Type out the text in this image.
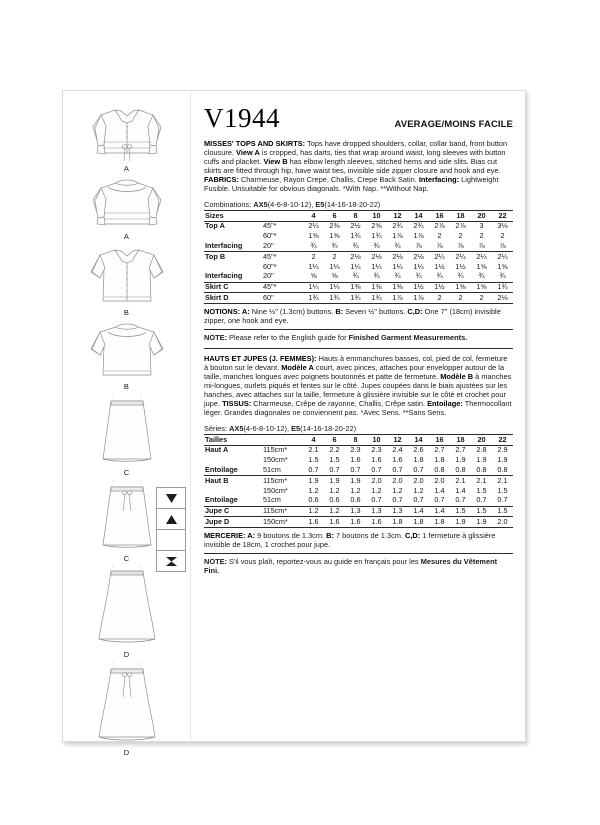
A
A
B
B
C
C
D
D
V1944	AVERAGE/MOINS FACILE

MISSES' TOPS AND SKIRTS: Tops have dropped shoulders, collar, collar band, front button clousure. View A is cropped, has darts, ties that wrap around waist, long sleeves with button cuffs and placket. View B has elbow length sleeves, stitched hems and side slits. Bias cut skirts are fitted through hip, have waist ties, invisible side zipper closure and hook and eye. FABRICS: Charmeuse, Rayon Crepe, Challis, Crepe Back Satin. Interfacing: Lightweight Fusible. Unsuitable for obvious diagonals. *With Nap. **Without Nap.

Combinations: AX5(4-6-8-10-12), E5(14-16-18-20-22)

Sizes		4	6	8	10	12	14	16	18	20	22
Top A	45"*	2¼	2⅜	2½	2⅝	2¾	2¾	2⅞	2⅞	3	3⅛
	60"*	1⅝	1⅝	1¾	1¾	1⅞	1⅞	2	2	2	2
Interfacing	20"	¾	¾	¾	¾	¾	⅞	⅞	⅞	⅞	⅞
Top B	45"*	2	2	2⅛	2⅛	2⅛	2⅛	2¼	2¼	2¼	2¼
	60"*	1¼	1¼	1¼	1¼	1¼	1¼	1½	1½	1⅝	1⅝
Interfacing	20"	⅝	⅝	¾	¾	¾	¾	¾	¾	¾	¾
Skirt C	45"*	1¼	1¼	1⅜	1⅜	1⅜	1½	1½	1⅝	1⅝	1¾
Skirt D	60"	1¾	1¾	1¾	1¾	1⅞	1⅞	2	2	2	2⅛

NOTIONS: A: Nine ½" (1.3cm) buttons. B: Seven ½" buttons. C,D: One 7" (18cm) invisible zipper, one hook and eye.

NOTE: Please refer to the English guide for Finished Garment Measurements.

HAUTS ET JUPES (J. FEMMES): Hauts à emmanchures basses, col, pied de col, fermeture à bouton sur le devant. Modèle A court, avec pinces, attaches pour envelopper autour de la taille, manches longues avec poignets boutonnés et patte de fermeture. Modèle B à manches mi-longues, ourlets piqués et fentes sur le côté. Jupes coupées dans le biais ajustées sur les hanches, avec attaches sur la taille, fermeture à glissière invisible sur le côté et crochet pour jupe. TISSUS: Charmeuse, Crêpe de rayonne, Challis, Crêpe satin. Entoilage: Thermocollant léger. Grandes diagonales ne conviennent pas. *Avec Sens. **Sans Sens.

Séries: AX5(4-6-8-10-12), E5(14-16-18-20-22)

Tailles		4	6	8	10	12	14	16	18	20	22
Haut A	115cm*	2.1	2.2	2.3	2.3	2.4	2.6	2.7	2.7	2.8	2.9
	150cm*	1.5	1.5	1.6	1.6	1.6	1.8	1.8	1.9	1.9	1.9
Entoilage	51cm	0.7	0.7	0.7	0.7	0.7	0.7	0.8	0.8	0.8	0.8
Haut B	115cm*	1.9	1.9	1.9	2.0	2.0	2.0	2.0	2.1	2.1	2.1
	150cm*	1.2	1.2	1.2	1.2	1.2	1.2	1.4	1.4	1.5	1.5
Entoilage	51cm	0.6	0.6	0.6	0.7	0.7	0.7	0.7	0.7	0.7	0.7
Jupe C	115cm*	1.2	1.2	1.3	1.3	1.3	1.4	1.4	1.5	1.5	1.5
Jupe D	150cm*	1.6	1.6	1.6	1.6	1.8	1.8	1.8	1.9	1.9	2.0

MERCERIE: A: 9 boutons de 1.3cm. B: 7 boutons de 1.3cm. C,D: 1 fermeture à glissière invisible de 18cm, 1 crochet pour jupe.

NOTE: S'il vous plaît, reportez-vous au guide en français pour les Mesures du Vêtement Fini.
